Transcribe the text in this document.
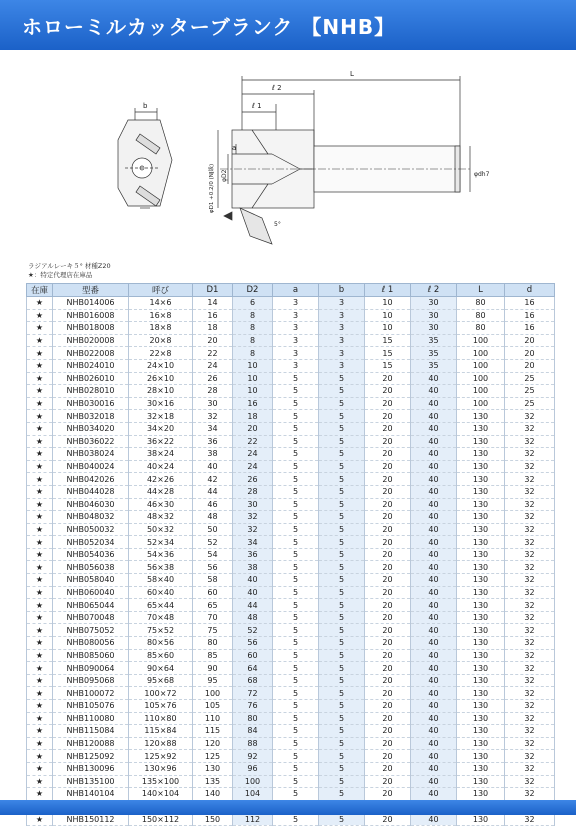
ホローミルカッターブランク 【NHB】
L
ℓ 2
ℓ 1
b
a
φdh7
φD1 +0.2/0 (NJ級) φD2
5°
ラジアルレーキ５° 材種Z20
★：特定代理店在庫品
在庫	型番	呼び	D1	D2	a	b	ℓ 1	ℓ 2	L	d
★	NHB014006	14×6	14	6	3	3	10	30	80	16
★	NHB016008	16×8	16	8	3	3	10	30	80	16
★	NHB018008	18×8	18	8	3	3	10	30	80	16
★	NHB020008	20×8	20	8	3	3	15	35	100	20
★	NHB022008	22×8	22	8	3	3	15	35	100	20
★	NHB024010	24×10	24	10	3	3	15	35	100	20
★	NHB026010	26×10	26	10	5	5	20	40	100	25
★	NHB028010	28×10	28	10	5	5	20	40	100	25
★	NHB030016	30×16	30	16	5	5	20	40	100	25
★	NHB032018	32×18	32	18	5	5	20	40	130	32
★	NHB034020	34×20	34	20	5	5	20	40	130	32
★	NHB036022	36×22	36	22	5	5	20	40	130	32
★	NHB038024	38×24	38	24	5	5	20	40	130	32
★	NHB040024	40×24	40	24	5	5	20	40	130	32
★	NHB042026	42×26	42	26	5	5	20	40	130	32
★	NHB044028	44×28	44	28	5	5	20	40	130	32
★	NHB046030	46×30	46	30	5	5	20	40	130	32
★	NHB048032	48×32	48	32	5	5	20	40	130	32
★	NHB050032	50×32	50	32	5	5	20	40	130	32
★	NHB052034	52×34	52	34	5	5	20	40	130	32
★	NHB054036	54×36	54	36	5	5	20	40	130	32
★	NHB056038	56×38	56	38	5	5	20	40	130	32
★	NHB058040	58×40	58	40	5	5	20	40	130	32
★	NHB060040	60×40	60	40	5	5	20	40	130	32
★	NHB065044	65×44	65	44	5	5	20	40	130	32
★	NHB070048	70×48	70	48	5	5	20	40	130	32
★	NHB075052	75×52	75	52	5	5	20	40	130	32
★	NHB080056	80×56	80	56	5	5	20	40	130	32
★	NHB085060	85×60	85	60	5	5	20	40	130	32
★	NHB090064	90×64	90	64	5	5	20	40	130	32
★	NHB095068	95×68	95	68	5	5	20	40	130	32
★	NHB100072	100×72	100	72	5	5	20	40	130	32
★	NHB105076	105×76	105	76	5	5	20	40	130	32
★	NHB110080	110×80	110	80	5	5	20	40	130	32
★	NHB115084	115×84	115	84	5	5	20	40	130	32
★	NHB120088	120×88	120	88	5	5	20	40	130	32
★	NHB125092	125×92	125	92	5	5	20	40	130	32
★	NHB130096	130×96	130	96	5	5	20	40	130	32
★	NHB135100	135×100	135	100	5	5	20	40	130	32
★	NHB140104	140×104	140	104	5	5	20	40	130	32

★	NHB150112	150×112	150	112	5	5	20	40	130	32
